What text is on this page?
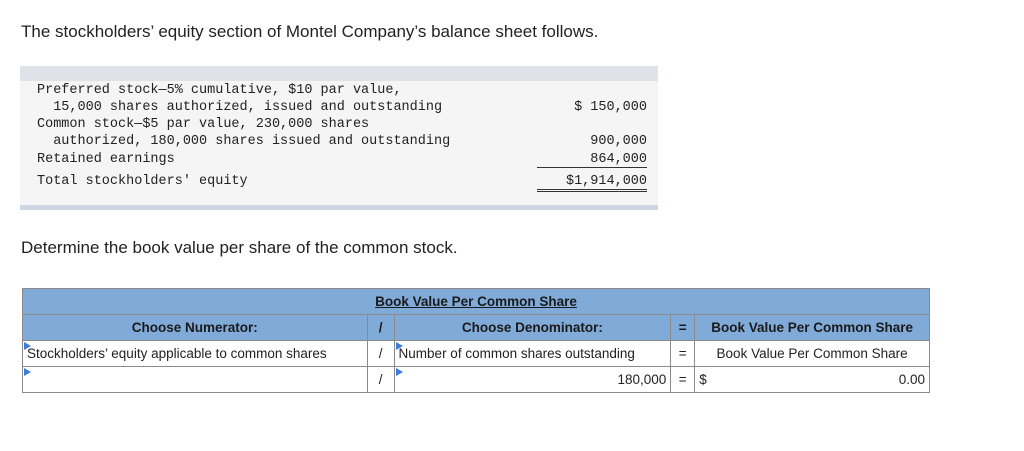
The stockholders’ equity section of Montel Company’s balance sheet follows.
Preferred stock—5% cumulative, $10 par value,
15,000 shares authorized, issued and outstanding	$ 150,000
Common stock—$5 par value, 230,000 shares
authorized, 180,000 shares issued and outstanding	900,000
Retained earnings	864,000
Total stockholders' equity	$1,914,000
Determine the book value per share of the common stock.
Book Value Per Common Share				
Choose Numerator:	/	Choose Denominator:	=	Book Value Per Common Share

Stockholders’ equity applicable to common shares	/	Number of common shares outstanding	=	Book Value Per Common Share

	/	180,000	=	$ 0.00
